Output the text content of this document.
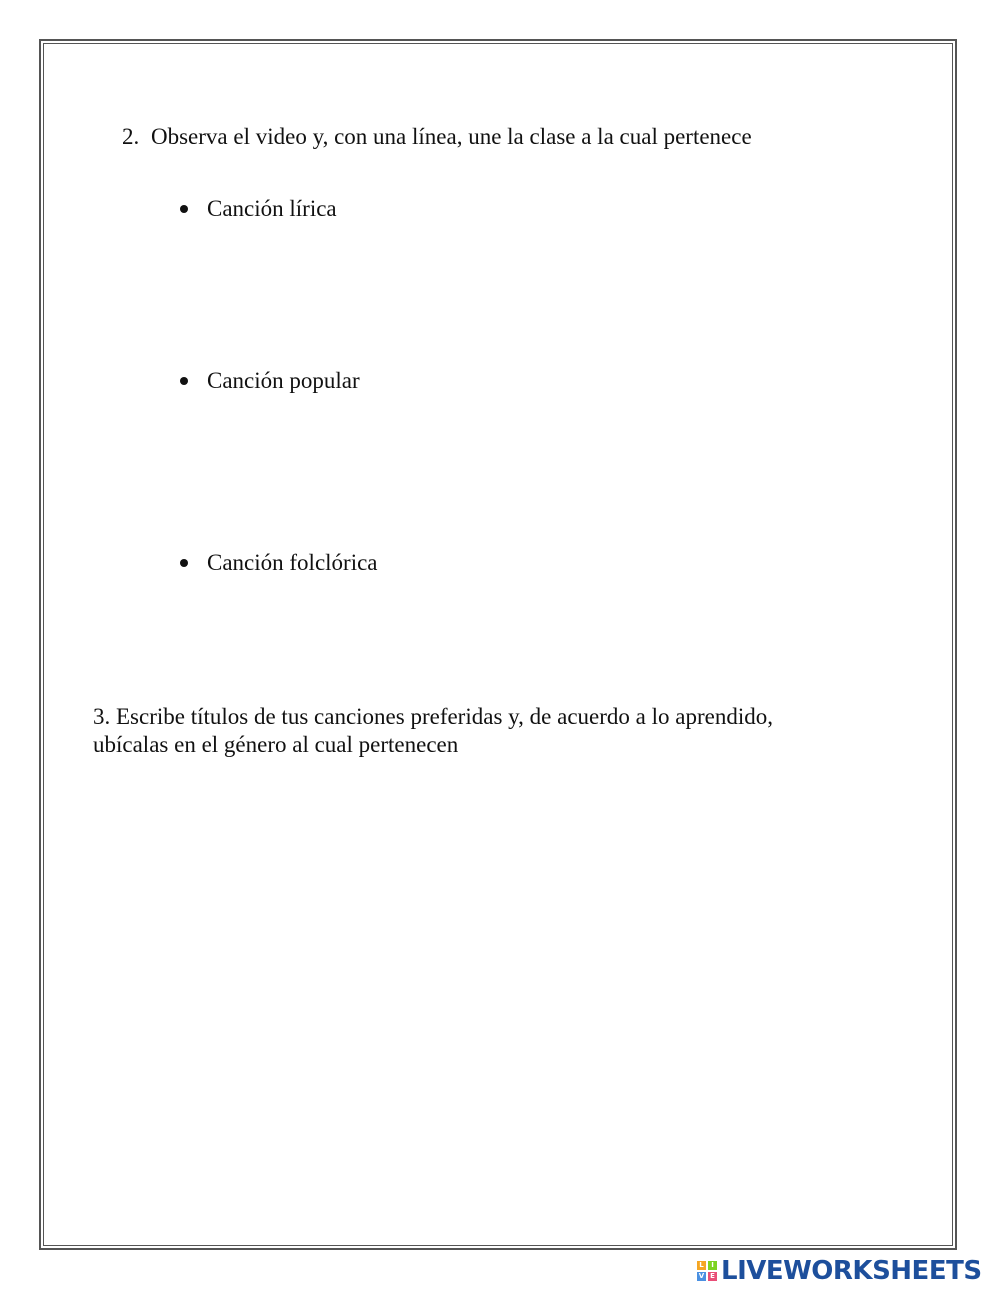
2. Observa el video y, con una línea, une la clase a la cual pertenece
Canción lírica
Canción popular
Canción folclórica
3. Escribe títulos de tus canciones preferidas y, de acuerdo a lo aprendido,
ubícalas en el género al cual pertenecen
L	I
V E LIVEWORKSHEETS
